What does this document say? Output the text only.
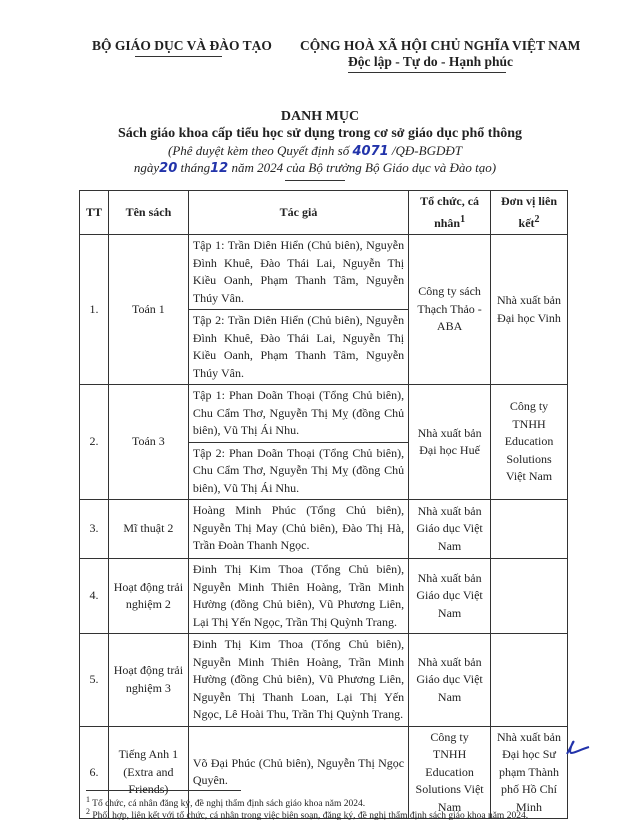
BỘ GIÁO DỤC VÀ ĐÀO TẠO CỘNG HOÀ XÃ HỘI CHỦ NGHĨA VIỆT NAM
Độc lập - Tự do - Hạnh phúc
DANH MỤC
Sách giáo khoa cấp tiểu học sử dụng trong cơ sở giáo dục phổ thông
(Phê duyệt kèm theo Quyết định số 4071 /QĐ-BGDĐT
ngày20 tháng12 năm 2024 của Bộ trưởng Bộ Giáo dục và Đào tạo)
TT	Tên sách	Tác giả	Tổ chức, cá nhân$^1$	Đơn vị liên kết$^2$
1.	Toán 1	Tập 1: Trần Diên Hiển (Chủ biên), Nguyễn Đình Khuê, Đào Thái Lai, Nguyễn Thị Kiều Oanh, Phạm Thanh Tâm, Nguyễn Thúy Vân.	Công ty sách Thạch Thảo - ABA	Nhà xuất bản Đại học Vinh
		Tập 2: Trần Diên Hiển (Chủ biên), Nguyễn Đình Khuê, Đào Thái Lai, Nguyễn Thị Kiều Oanh, Phạm Thanh Tâm, Nguyễn Thúy Vân.		
2.	Toán 3	Tập 1: Phan Doãn Thoại (Tổng Chủ biên), Chu Cẩm Thơ, Nguyễn Thị Mỵ (đồng Chủ biên), Vũ Thị Ái Nhu.	Nhà xuất bản Đại học Huế	Công ty TNHH Education Solutions Việt Nam
		Tập 2: Phan Doãn Thoại (Tổng Chủ biên), Chu Cẩm Thơ, Nguyễn Thị Mỵ (đồng Chủ biên), Vũ Thị Ái Nhu.		
3.	Mĩ thuật 2	Hoàng Minh Phúc (Tổng Chủ biên), Nguyễn Thị May (Chủ biên), Đào Thị Hà, Trần Đoàn Thanh Ngọc.	Nhà xuất bản Giáo dục Việt Nam	
4.	Hoạt động trải nghiệm 2	Đinh Thị Kim Thoa (Tổng Chủ biên), Nguyễn Minh Thiên Hoàng, Trần Minh Hường (đồng Chủ biên), Vũ Phương Liên, Lại Thị Yến Ngọc, Trần Thị Quỳnh Trang.	Nhà xuất bản Giáo dục Việt Nam	
5.	Hoạt động trải nghiệm 3	Đinh Thị Kim Thoa (Tổng Chủ biên), Nguyễn Minh Thiên Hoàng, Trần Minh Hường (đồng Chủ biên), Vũ Phương Liên, Nguyễn Thị Thanh Loan, Lại Thị Yến Ngọc, Lê Hoài Thu, Trần Thị Quỳnh Trang.	Nhà xuất bản Giáo dục Việt Nam	
6.	Tiếng Anh 1 (Extra and Friends)	Võ Đại Phúc (Chủ biên), Nguyễn Thị Ngọc Quyên.	Công ty TNHH Education Solutions Việt Nam	Nhà xuất bản Đại học Sư phạm Thành phố Hồ Chí Minh
$^1$ Tổ chức, cá nhân đăng ký, đề nghị thẩm định sách giáo khoa năm 2024.
$^2$ Phối hợp, liên kết với tổ chức, cá nhân trong việc biên soạn, đăng ký, đề nghị thẩm định sách giáo khoa năm 2024.
